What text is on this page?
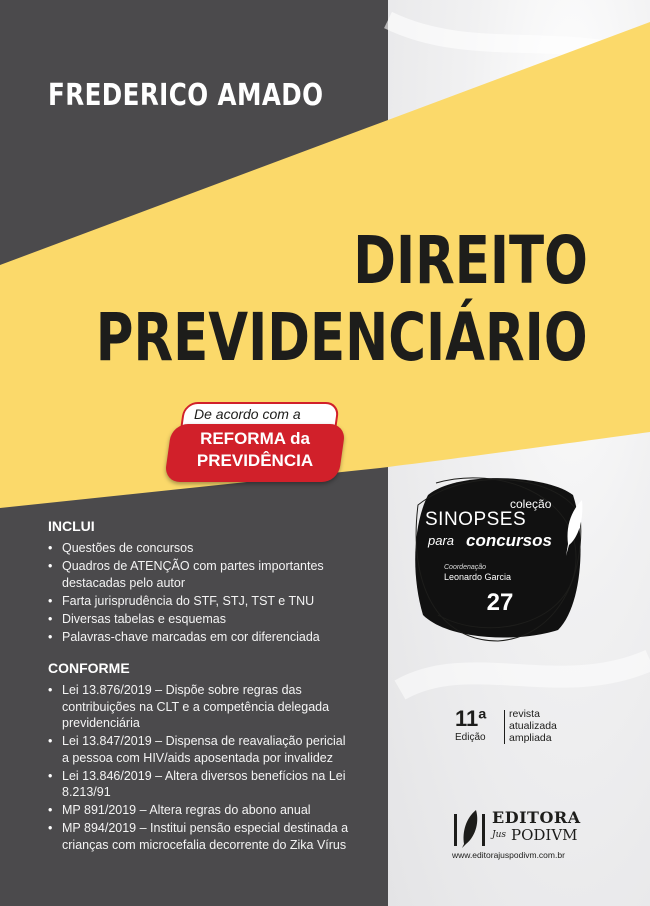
FREDERICO AMADO
DIREITO
PREVIDENCIÁRIO
De acordo com a
REFORMA da
PREVIDÊNCIA
INCLUI
• Questões de concursos
• Quadros de ATENÇÃO com partes importantes destacadas pelo autor
• Farta jurisprudência do STF, STJ, TST e TNU
• Diversas tabelas e esquemas
• Palavras-chave marcadas em cor diferenciada
CONFORME
• Lei 13.876/2019 – Dispõe sobre regras das contribuições na CLT e a competência delegada previdenciária
• Lei 13.847/2019 – Dispensa de reavaliação pericial a pessoa com HIV/aids aposentada por invalidez
• Lei 13.846/2019 – Altera diversos benefícios na Lei 8.213/91
• MP 891/2019 – Altera regras do abono anual
• MP 894/2019 – Institui pensão especial destinada a crianças com microcefalia decorrente do Zika Vírus
coleção
SINOPSES
para concursos
Coordenação
Leonardo Garcia
27
11ª
Edição
revista
atualizada
ampliada
EDITORA
Jus PODIVM
www.editorajuspodivm.com.br
